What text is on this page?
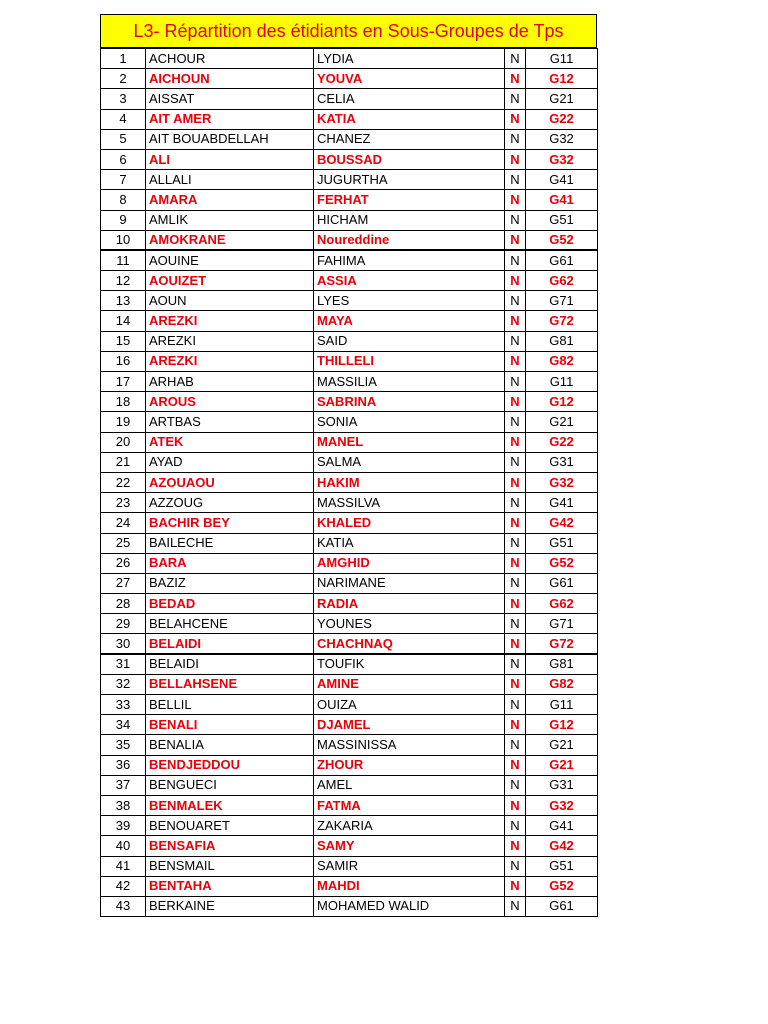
L3- Répartition des étidiants en Sous-Groupes de Tps
1	ACHOUR	LYDIA	N	G11
2	AICHOUN	YOUVA	N	G12
3	AISSAT	CELIA	N	G21
4	AIT AMER	KATIA	N	G22
5	AIT BOUABDELLAH	CHANEZ	N	G32
6	ALI	BOUSSAD	N	G32
7	ALLALI	JUGURTHA	N	G41
8	AMARA	FERHAT	N	G41
9	AMLIK	HICHAM	N	G51
10	AMOKRANE	Noureddine	N	G52
11	AOUINE	FAHIMA	N	G61
12	AOUIZET	ASSIA	N	G62
13	AOUN	LYES	N	G71
14	AREZKI	MAYA	N	G72
15	AREZKI	SAID	N	G81
16	AREZKI	THILLELI	N	G82
17	ARHAB	MASSILIA	N	G11
18	AROUS	SABRINA	N	G12
19	ARTBAS	SONIA	N	G21
20	ATEK	MANEL	N	G22
21	AYAD	SALMA	N	G31
22	AZOUAOU	HAKIM	N	G32
23	AZZOUG	MASSILVA	N	G41
24	BACHIR BEY	KHALED	N	G42
25	BAILECHE	KATIA	N	G51
26	BARA	AMGHID	N	G52
27	BAZIZ	NARIMANE	N	G61
28	BEDAD	RADIA	N	G62
29	BELAHCENE	YOUNES	N	G71
30	BELAIDI	CHACHNAQ	N	G72
31	BELAIDI	TOUFIK	N	G81
32	BELLAHSENE	AMINE	N	G82
33	BELLIL	OUIZA	N	G11
34	BENALI	DJAMEL	N	G12
35	BENALIA	MASSINISSA	N	G21
36	BENDJEDDOU	ZHOUR	N	G21
37	BENGUECI	AMEL	N	G31
38	BENMALEK	FATMA	N	G32
39	BENOUARET	ZAKARIA	N	G41
40	BENSAFIA	SAMY	N	G42
41	BENSMAIL	SAMIR	N	G51
42	BENTAHA	MAHDI	N	G52
43	BERKAINE	MOHAMED WALID	N	G61
